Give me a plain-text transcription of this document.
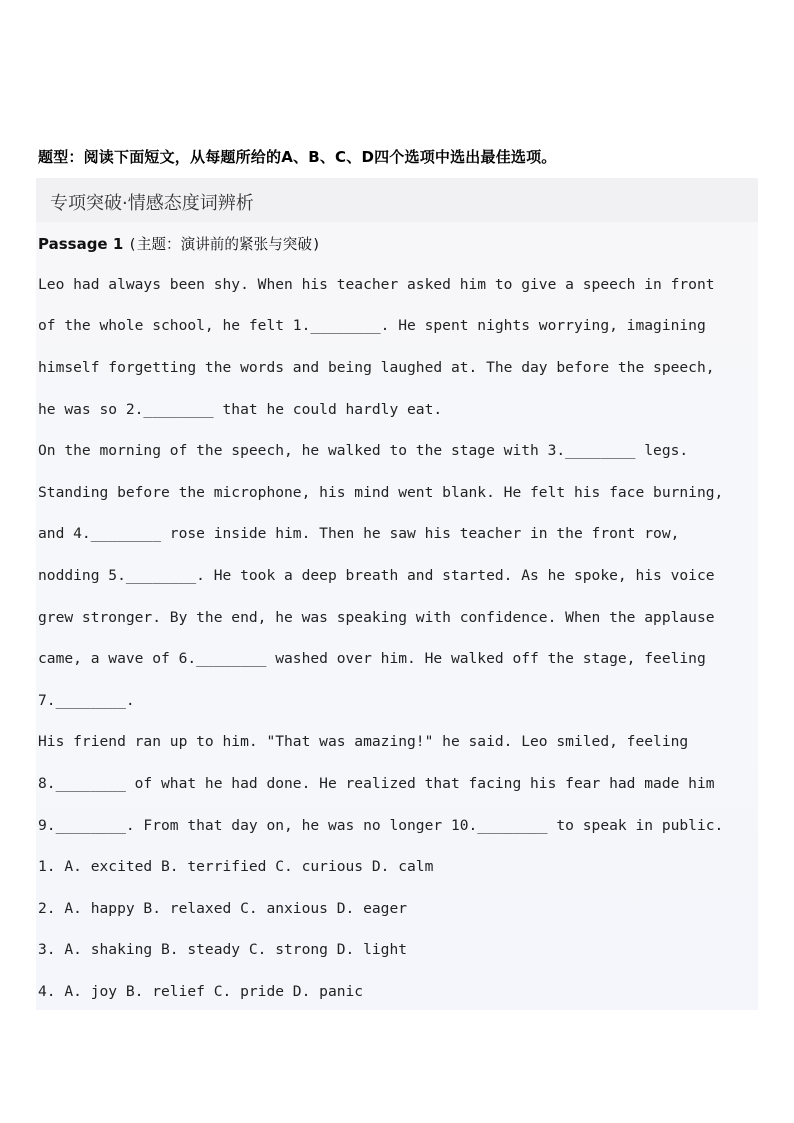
题型：阅读下面短文，从每题所给的A、B、C、D四个选项中选出最佳选项。
专项突破·情感态度词辨析
Passage 1 (主题：演讲前的紧张与突破)
Leo had always been shy. When his teacher asked him to give a speech in front
of the whole school, he felt 1.________. He spent nights worrying, imagining
himself forgetting the words and being laughed at. The day before the speech,
he was so 2.________ that he could hardly eat.
On the morning of the speech, he walked to the stage with 3.________ legs.
Standing before the microphone, his mind went blank. He felt his face burning,
and 4.________ rose inside him. Then he saw his teacher in the front row,
nodding 5.________. He took a deep breath and started. As he spoke, his voice
grew stronger. By the end, he was speaking with confidence. When the applause
came, a wave of 6.________ washed over him. He walked off the stage, feeling
7.________.
His friend ran up to him. "That was amazing!" he said. Leo smiled, feeling
8.________ of what he had done. He realized that facing his fear had made him
9.________. From that day on, he was no longer 10.________ to speak in public.
1. A. excited B. terrified C. curious D. calm
2. A. happy B. relaxed C. anxious D. eager
3. A. shaking B. steady C. strong D. light
4. A. joy B. relief C. pride D. panic
